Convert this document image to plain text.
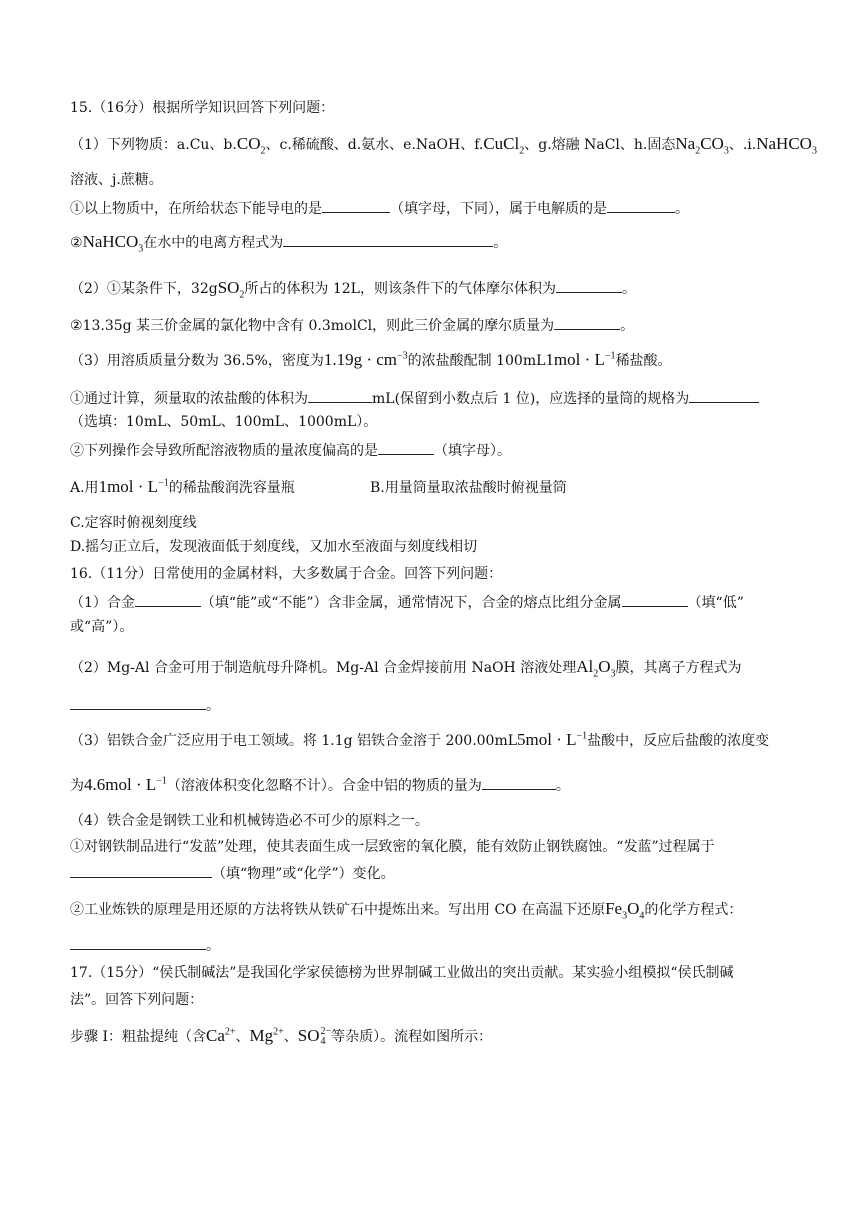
15.（16分）根据所学知识回答下列问题：
（1）下列物质：a.Cu、$b.CO_2$、c.稀硫酸、d.氨水、e.NaOH、f.CuCl$_2$、g.熔融 NaCl、h.固态$Na_2CO_3$、.i.NaHCO$_3$
溶液、j.蔗糖。
①以上物质中，在所给状态下能导电的是	（填字母，下同），属于电解质的是	。
②NaHCO$_3$在水中的电离方程式为	。
（2）①某条件下，32gSO$_2$所占的体积为 12L，则该条件下的气体摩尔体积为	。
②13.35g 某三价金属的氯化物中含有 0.3molCl，则此三价金属的摩尔质量为	。
（3）用溶质质量分数为 36.5%，密度为$1.19g \cdot cm^{-3}$的浓盐酸配制 $100mL1mol \cdot L^{-1}$稀盐酸。
①通过计算，须量取的浓盐酸的体积为	mL(保留到小数点后 1 位)，应选择的量筒的规格为
（选填：10mL、50mL、100mL、1000mL）。
②下列操作会导致所配溶液物质的量浓度偏高的是	（填字母）。
A.用$1mol \cdot L^{-1}$的稀盐酸润洗容量瓶	B.用量筒量取浓盐酸时俯视量筒
C.定容时俯视刻度线
D.摇匀正立后，发现液面低于刻度线，又加水至液面与刻度线相切
16.（11分）日常使用的金属材料，大多数属于合金。回答下列问题：
（1）合金	（填“能”或“不能”）含非金属，通常情况下，合金的熔点比组分金属	（填“低”
或“高”）。
（2）Mg-Al 合金可用于制造航母升降机。Mg-Al 合金焊接前用 NaOH 溶液处理$Al_2O_3$膜，其离子方程式为
。
（3）铝铁合金广泛应用于电工领域。将 1.1g 铝铁合金溶于 $200.00mL5mol \cdot L^{-1}$盐酸中，反应后盐酸的浓度变
为$4.6mol \cdot L^{-1}$（溶液体积变化忽略不计）。合金中铝的物质的量为	。
（4）铁合金是钢铁工业和机械铸造必不可少的原料之一。
①对钢铁制品进行“发蓝”处理，使其表面生成一层致密的氧化膜，能有效防止钢铁腐蚀。“发蓝”过程属于
（填“物理”或“化学”）变化。
②工业炼铁的原理是用还原的方法将铁从铁矿石中提炼出来。写出用 CO 在高温下还原$Fe_3O_4$的化学方程式：
。
17.（15分）“侯氏制碱法”是我国化学家侯德榜为世界制碱工业做出的突出贡献。某实验小组模拟“侯氏制碱
法”。回答下列问题：
步骤 I：粗盐提纯（含$Ca^{2+}$、$Mg^{2+}$、SO 2−
4 等杂质）。流程如图所示：
